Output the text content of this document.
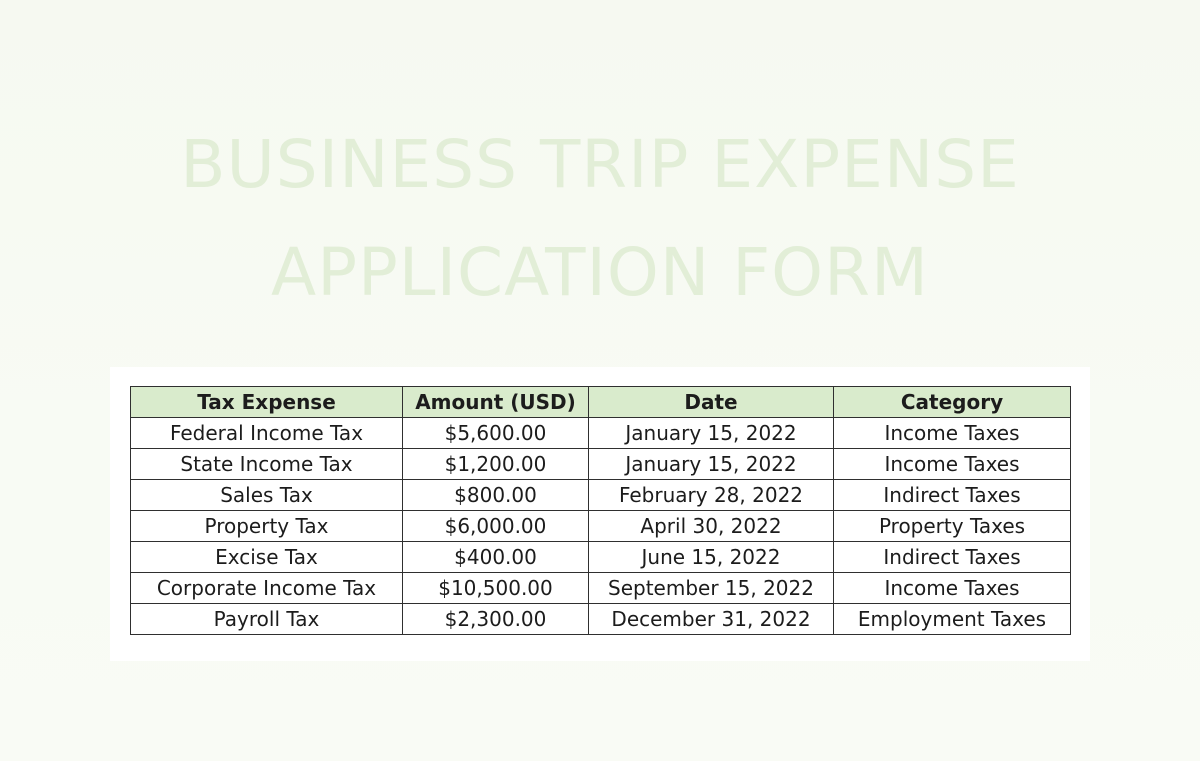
BUSINESS TRIP EXPENSE
APPLICATION FORM
Tax Expense	Amount (USD)	Date	Category
Federal Income Tax	$5,600.00	January 15, 2022	Income Taxes
State Income Tax	$1,200.00	January 15, 2022	Income Taxes
Sales Tax	$800.00	February 28, 2022	Indirect Taxes
Property Tax	$6,000.00	April 30, 2022	Property Taxes
Excise Tax	$400.00	June 15, 2022	Indirect Taxes
Corporate Income Tax	$10,500.00	September 15, 2022	Income Taxes
Payroll Tax	$2,300.00	December 31, 2022	Employment Taxes
